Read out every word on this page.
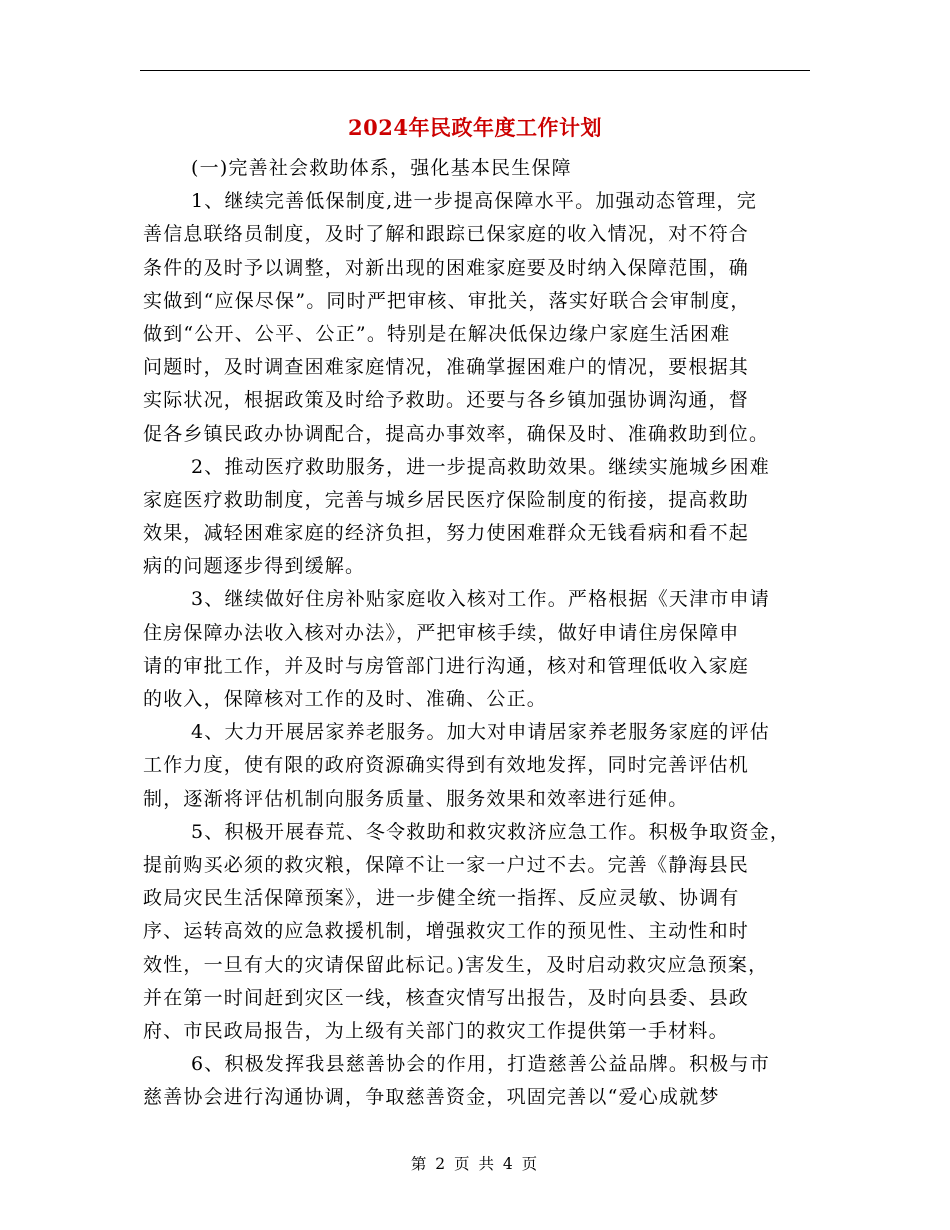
2024年民政年度工作计划
(一)完善社会救助体系，强化基本民生保障
1、继续完善低保制度,进一步提高保障水平。加强动态管理，完
善信息联络员制度，及时了解和跟踪已保家庭的收入情况，对不符合
条件的及时予以调整，对新出现的困难家庭要及时纳入保障范围，确
实做到“应保尽保”。同时严把审核、审批关，落实好联合会审制度，
做到“公开、公平、公正”。特别是在解决低保边缘户家庭生活困难
问题时，及时调查困难家庭情况，准确掌握困难户的情况，要根据其
实际状况，根据政策及时给予救助。还要与各乡镇加强协调沟通，督
促各乡镇民政办协调配合，提高办事效率，确保及时、准确救助到位。
2、推动医疗救助服务，进一步提高救助效果。继续实施城乡困难
家庭医疗救助制度，完善与城乡居民医疗保险制度的衔接，提高救助
效果，减轻困难家庭的经济负担，努力使困难群众无钱看病和看不起
病的问题逐步得到缓解。
3、继续做好住房补贴家庭收入核对工作。严格根据《天津市申请
住房保障办法收入核对办法》，严把审核手续，做好申请住房保障申
请的审批工作，并及时与房管部门进行沟通，核对和管理低收入家庭
的收入，保障核对工作的及时、准确、公正。
4、大力开展居家养老服务。加大对申请居家养老服务家庭的评估
工作力度，使有限的政府资源确实得到有效地发挥，同时完善评估机
制，逐渐将评估机制向服务质量、服务效果和效率进行延伸。
5、积极开展春荒、冬令救助和救灾救济应急工作。积极争取资金，
提前购买必须的救灾粮，保障不让一家一户过不去。完善《静海县民
政局灾民生活保障预案》，进一步健全统一指挥、反应灵敏、协调有
序、运转高效的应急救援机制，增强救灾工作的预见性、主动性和时
效性，一旦有大的灾请保留此标记。)害发生，及时启动救灾应急预案，
并在第一时间赶到灾区一线，核查灾情写出报告，及时向县委、县政
府、市民政局报告，为上级有关部门的救灾工作提供第一手材料。
6、积极发挥我县慈善协会的作用，打造慈善公益品牌。积极与市
慈善协会进行沟通协调，争取慈善资金，巩固完善以“爱心成就梦
第 2 页 共 4 页
